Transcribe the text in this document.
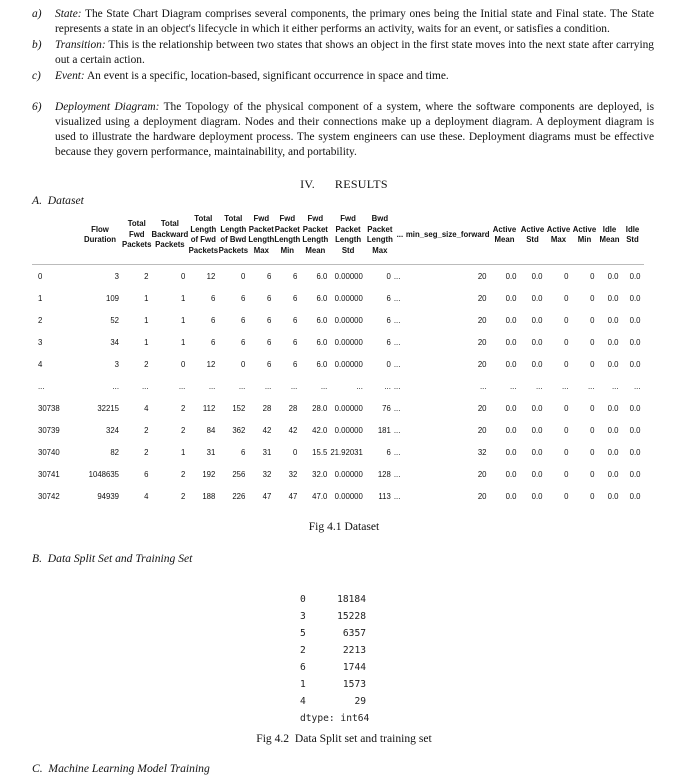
a) State: The State Chart Diagram comprises several components, the primary ones being the Initial state and Final state. The State represents a state in an object's lifecycle in which it either performs an activity, waits for an event, or satisfies a condition.
b) Transition: This is the relationship between two states that shows an object in the first state moves into the next state after carrying out a certain action.
c) Event: An event is a specific, location-based, significant occurrence in space and time.
6) Deployment Diagram: The Topology of the physical component of a system, where the software components are deployed, is visualized using a deployment diagram. Nodes and their connections make up a deployment diagram. A deployment diagram is used to illustrate the hardware deployment process. The system engineers can use these. Deployment diagrams must be effective because they govern performance, maintainability, and portability.
IV.      RESULTS
A.  Dataset
	Flow Duration	Total Fwd Packets	Total Backward Packets	Total Length of Fwd Packets	Total Length of Bwd Packets	Fwd Packet Length Max	Fwd Packet Length Min	Fwd Packet Length Mean	Fwd Packet Length Std	Bwd Packet Length Max	...	min_seg_size_forward	Active Mean	Active Std	Active Max	Active Min	Idle Mean	Idle Std
0	3	2	0	12	0	6	6	6.0	0.00000	0	...	20	0.0	0.0	0	0	0.0	0.0
1	109	1	1	6	6	6	6	6.0	0.00000	6	...	20	0.0	0.0	0	0	0.0	0.0
2	52	1	1	6	6	6	6	6.0	0.00000	6	...	20	0.0	0.0	0	0	0.0	0.0
3	34	1	1	6	6	6	6	6.0	0.00000	6	...	20	0.0	0.0	0	0	0.0	0.0
4	3	2	0	12	0	6	6	6.0	0.00000	0	...	20	0.0	0.0	0	0	0.0	0.0
...	...	...	...	...	...	...	...	...	...	...	...	...	...	...	...	...	...	...
30738	32215	4	2	112	152	28	28	28.0	0.00000	76	...	20	0.0	0.0	0	0	0.0	0.0
30739	324	2	2	84	362	42	42	42.0	0.00000	181	...	20	0.0	0.0	0	0	0.0	0.0
30740	82	2	1	31	6	31	0	15.5	21.92031	6	...	32	0.0	0.0	0	0	0.0	0.0
30741	1048635	6	2	192	256	32	32	32.0	0.00000	128	...	20	0.0	0.0	0	0	0.0	0.0
30742	94939	4	2	188	226	47	47	47.0	0.00000	113	...	20	0.0	0.0	0	0	0.0	0.0
Fig 4.1 Dataset
B.  Data Split Set and Training Set
0	18184
3	15228
5	6357
2	2213
6	1744
1	1573
4	29
dtype: int64
Fig 4.2  Data Split set and training set
C.  Machine Learning Model Training
